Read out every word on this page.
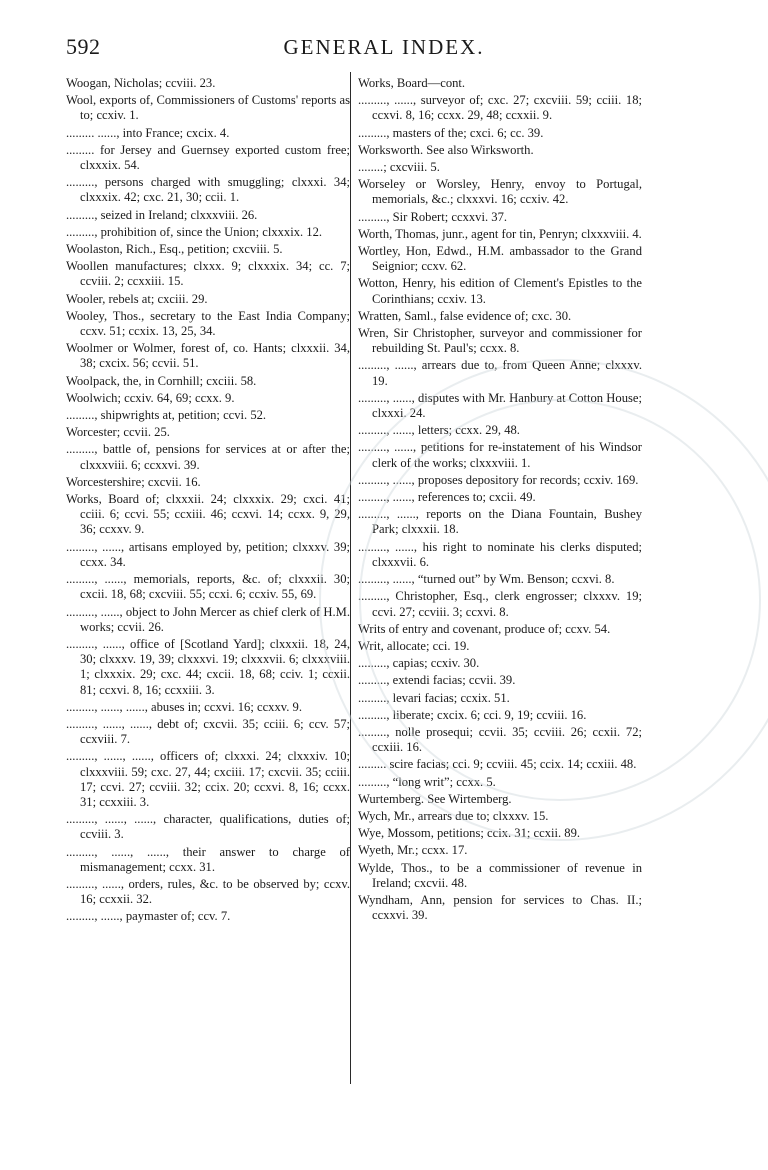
592	GENERAL INDEX.

Woogan, Nicholas; ccviii. 23.

Wool, exports of, Commissioners of Customs' reports as to; ccxiv. 1.

......... ......, into France; cxcix. 4.

......... for Jersey and Guernsey exported custom free; clxxxix. 54.

........., persons charged with smuggling; clxxxi. 34; clxxxix. 42; cxc. 21, 30; ccii. 1.

........., seized in Ireland; clxxxviii. 26.

........., prohibition of, since the Union; clxxxix. 12.

Woolaston, Rich., Esq., petition; cxcviii. 5.

Woollen manufactures; clxxx. 9; clxxxix. 34; cc. 7; ccviii. 2; ccxxiii. 15.

Wooler, rebels at; cxciii. 29.

Wooley, Thos., secretary to the East India Company; ccxv. 51; ccxix. 13, 25, 34.

Woolmer or Wolmer, forest of, co. Hants; clxxxii. 34, 38; cxcix. 56; ccvii. 51.

Woolpack, the, in Cornhill; cxciii. 58.

Woolwich; ccxiv. 64, 69; ccxx. 9.

........., shipwrights at, petition; ccvi. 52.

Worcester; ccvii. 25.

........., battle of, pensions for services at or after the; clxxxviii. 6; ccxxvi. 39.

Worcestershire; cxcvii. 16.

Works, Board of; clxxxii. 24; clxxxix. 29; cxci. 41; cciii. 6; ccvi. 55; ccxiii. 46; ccxvi. 14; ccxx. 9, 29, 36; ccxxv. 9.

........., ......, artisans employed by, petition; clxxxv. 39; ccxx. 34.

........., ......, memorials, reports, &c. of; clxxxii. 30; cxcii. 18, 68; cxcviii. 55; ccxi. 6; ccxiv. 55, 69.

........., ......, object to John Mercer as chief clerk of H.M. works; ccvii. 26.

........., ......, office of [Scotland Yard]; clxxxii. 18, 24, 30; clxxxv. 19, 39; clxxxvi. 19; clxxxvii. 6; clxxxviii. 1; clxxxix. 29; cxc. 44; cxcii. 18, 68; cciv. 1; ccxii. 81; ccxvi. 8, 16; ccxxiii. 3.

........., ......, ......, abuses in; ccxvi. 16; ccxxv. 9.

........., ......, ......, debt of; cxcvii. 35; cciii. 6; ccv. 57; ccxviii. 7.

........., ......, ......, officers of; clxxxi. 24; clxxxiv. 10; clxxxviii. 59; cxc. 27, 44; cxciii. 17; cxcvii. 35; cciii. 17; ccvi. 27; ccviii. 32; ccix. 20; ccxvi. 8, 16; ccxx. 31; ccxxiii. 3.

........., ......, ......, character, qualifications, duties of; ccviii. 3.

........., ......, ......, their answer to charge of mismanagement; ccxx. 31.

........., ......, orders, rules, &c. to be observed by; ccxv. 16; ccxxii. 32.

........., ......, paymaster of; ccv. 7.

Works, Board—cont.

........., ......, surveyor of; cxc. 27; cxcviii. 59; cciii. 18; ccxvi. 8, 16; ccxx. 29, 48; ccxxii. 9.

........., masters of the; cxci. 6; cc. 39.

Worksworth. See also Wirksworth.

........; cxcviii. 5.

Worseley or Worsley, Henry, envoy to Portugal, memorials, &c.; clxxxvi. 16; ccxiv. 42.

........., Sir Robert; ccxxvi. 37.

Worth, Thomas, junr., agent for tin, Penryn; clxxxviii. 4.

Wortley, Hon, Edwd., H.M. ambassador to the Grand Seignior; ccxv. 62.

Wotton, Henry, his edition of Clement's Epistles to the Corinthians; ccxiv. 13.

Wratten, Saml., false evidence of; cxc. 30.

Wren, Sir Christopher, surveyor and commissioner for rebuilding St. Paul's; ccxx. 8.

........., ......, arrears due to, from Queen Anne; clxxxv. 19.

........., ......, disputes with Mr. Hanbury at Cotton House; clxxxi. 24.

........., ......, letters; ccxx. 29, 48.

........., ......, petitions for re-instatement of his Windsor clerk of the works; clxxxviii. 1.

........., ......, proposes depository for records; ccxiv. 169.

........., ......, references to; cxcii. 49.

........., ......, reports on the Diana Fountain, Bushey Park; clxxxii. 18.

........., ......, his right to nominate his clerks disputed; clxxxvii. 6.

........., ......, “turned out” by Wm. Benson; ccxvi. 8.

........., Christopher, Esq., clerk engrosser; clxxxv. 19; ccvi. 27; ccviii. 3; ccxvi. 8.

Writs of entry and covenant, produce of; ccxv. 54.

Writ, allocate; cci. 19.

........., capias; ccxiv. 30.

........., extendi facias; ccvii. 39.

........., levari facias; ccxix. 51.

........., liberate; cxcix. 6; cci. 9, 19; ccviii. 16.

........., nolle prosequi; ccvii. 35; ccviii. 26; ccxii. 72; ccxiii. 16.

......... scire facias; cci. 9; ccviii. 45; ccix. 14; ccxiii. 48.

........., “long writ”; ccxx. 5.

Wurtemberg. See Wirtemberg.

Wych, Mr., arrears due to; clxxxv. 15.

Wye, Mossom, petitions; ccix. 31; ccxii. 89.

Wyeth, Mr.; ccxx. 17.

Wylde, Thos., to be a commissioner of revenue in Ireland; cxcvii. 48.

Wyndham, Ann, pension for services to Chas. II.; ccxxvi. 39.
